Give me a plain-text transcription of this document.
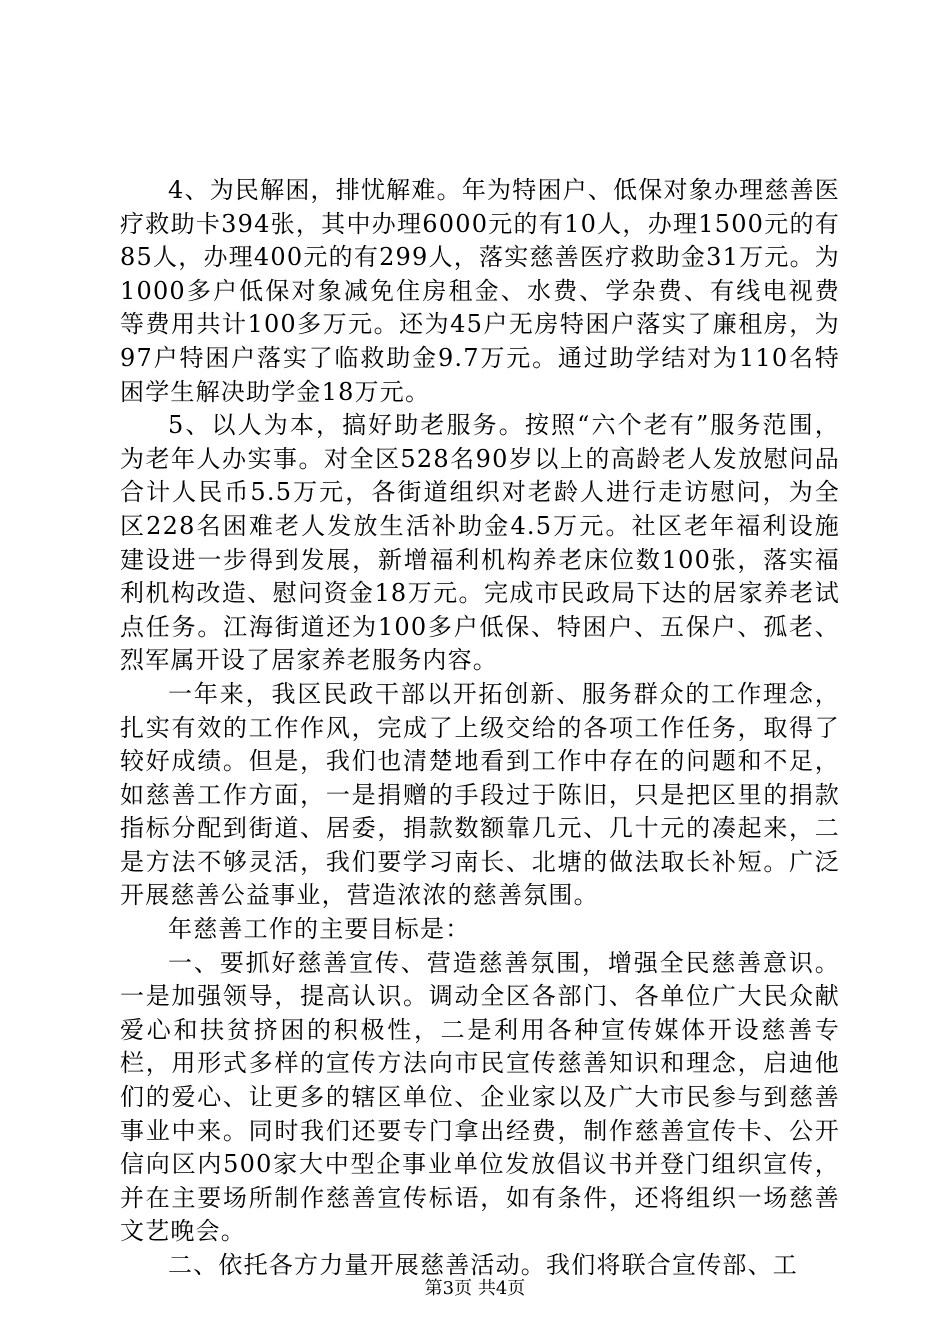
4、为民解困，排忧解难。年为特困户、低保对象办理慈善医疗救助卡394张，其中办理6000元的有10人，办理1500元的有85人，办理400元的有299人，落实慈善医疗救助金31万元。为1000多户低保对象减免住房租金、水费、学杂费、有线电视费等费用共计100多万元。还为45户无房特困户落实了廉租房，为97户特困户落实了临救助金9.7万元。通过助学结对为110名特困学生解决助学金18万元。

5、以人为本，搞好助老服务。按照“六个老有”服务范围，为老年人办实事。对全区528名90岁以上的高龄老人发放慰问品合计人民币5.5万元，各街道组织对老龄人进行走访慰问，为全区228名困难老人发放生活补助金4.5万元。社区老年福利设施建设进一步得到发展，新增福利机构养老床位数100张，落实福利机构改造、慰问资金18万元。完成市民政局下达的居家养老试点任务。江海街道还为100多户低保、特困户、五保户、孤老、烈军属开设了居家养老服务内容。

一年来，我区民政干部以开拓创新、服务群众的工作理念，扎实有效的工作作风，完成了上级交给的各项工作任务，取得了较好成绩。但是，我们也清楚地看到工作中存在的问题和不足，如慈善工作方面，一是捐赠的手段过于陈旧，只是把区里的捐款指标分配到街道、居委，捐款数额靠几元、几十元的凑起来，二是方法不够灵活，我们要学习南长、北塘的做法取长补短。广泛开展慈善公益事业，营造浓浓的慈善氛围。

年慈善工作的主要目标是：

一、要抓好慈善宣传、营造慈善氛围，增强全民慈善意识。一是加强领导，提高认识。调动全区各部门、各单位广大民众献爱心和扶贫挤困的积极性，二是利用各种宣传媒体开设慈善专栏，用形式多样的宣传方法向市民宣传慈善知识和理念，启迪他们的爱心、让更多的辖区单位、企业家以及广大市民参与到慈善事业中来。同时我们还要专门拿出经费，制作慈善宣传卡、公开信向区内500家大中型企事业单位发放倡议书并登门组织宣传，并在主要场所制作慈善宣传标语，如有条件，还将组织一场慈善文艺晚会。

二、依托各方力量开展慈善活动。我们将联合宣传部、工

第3页 共4页
